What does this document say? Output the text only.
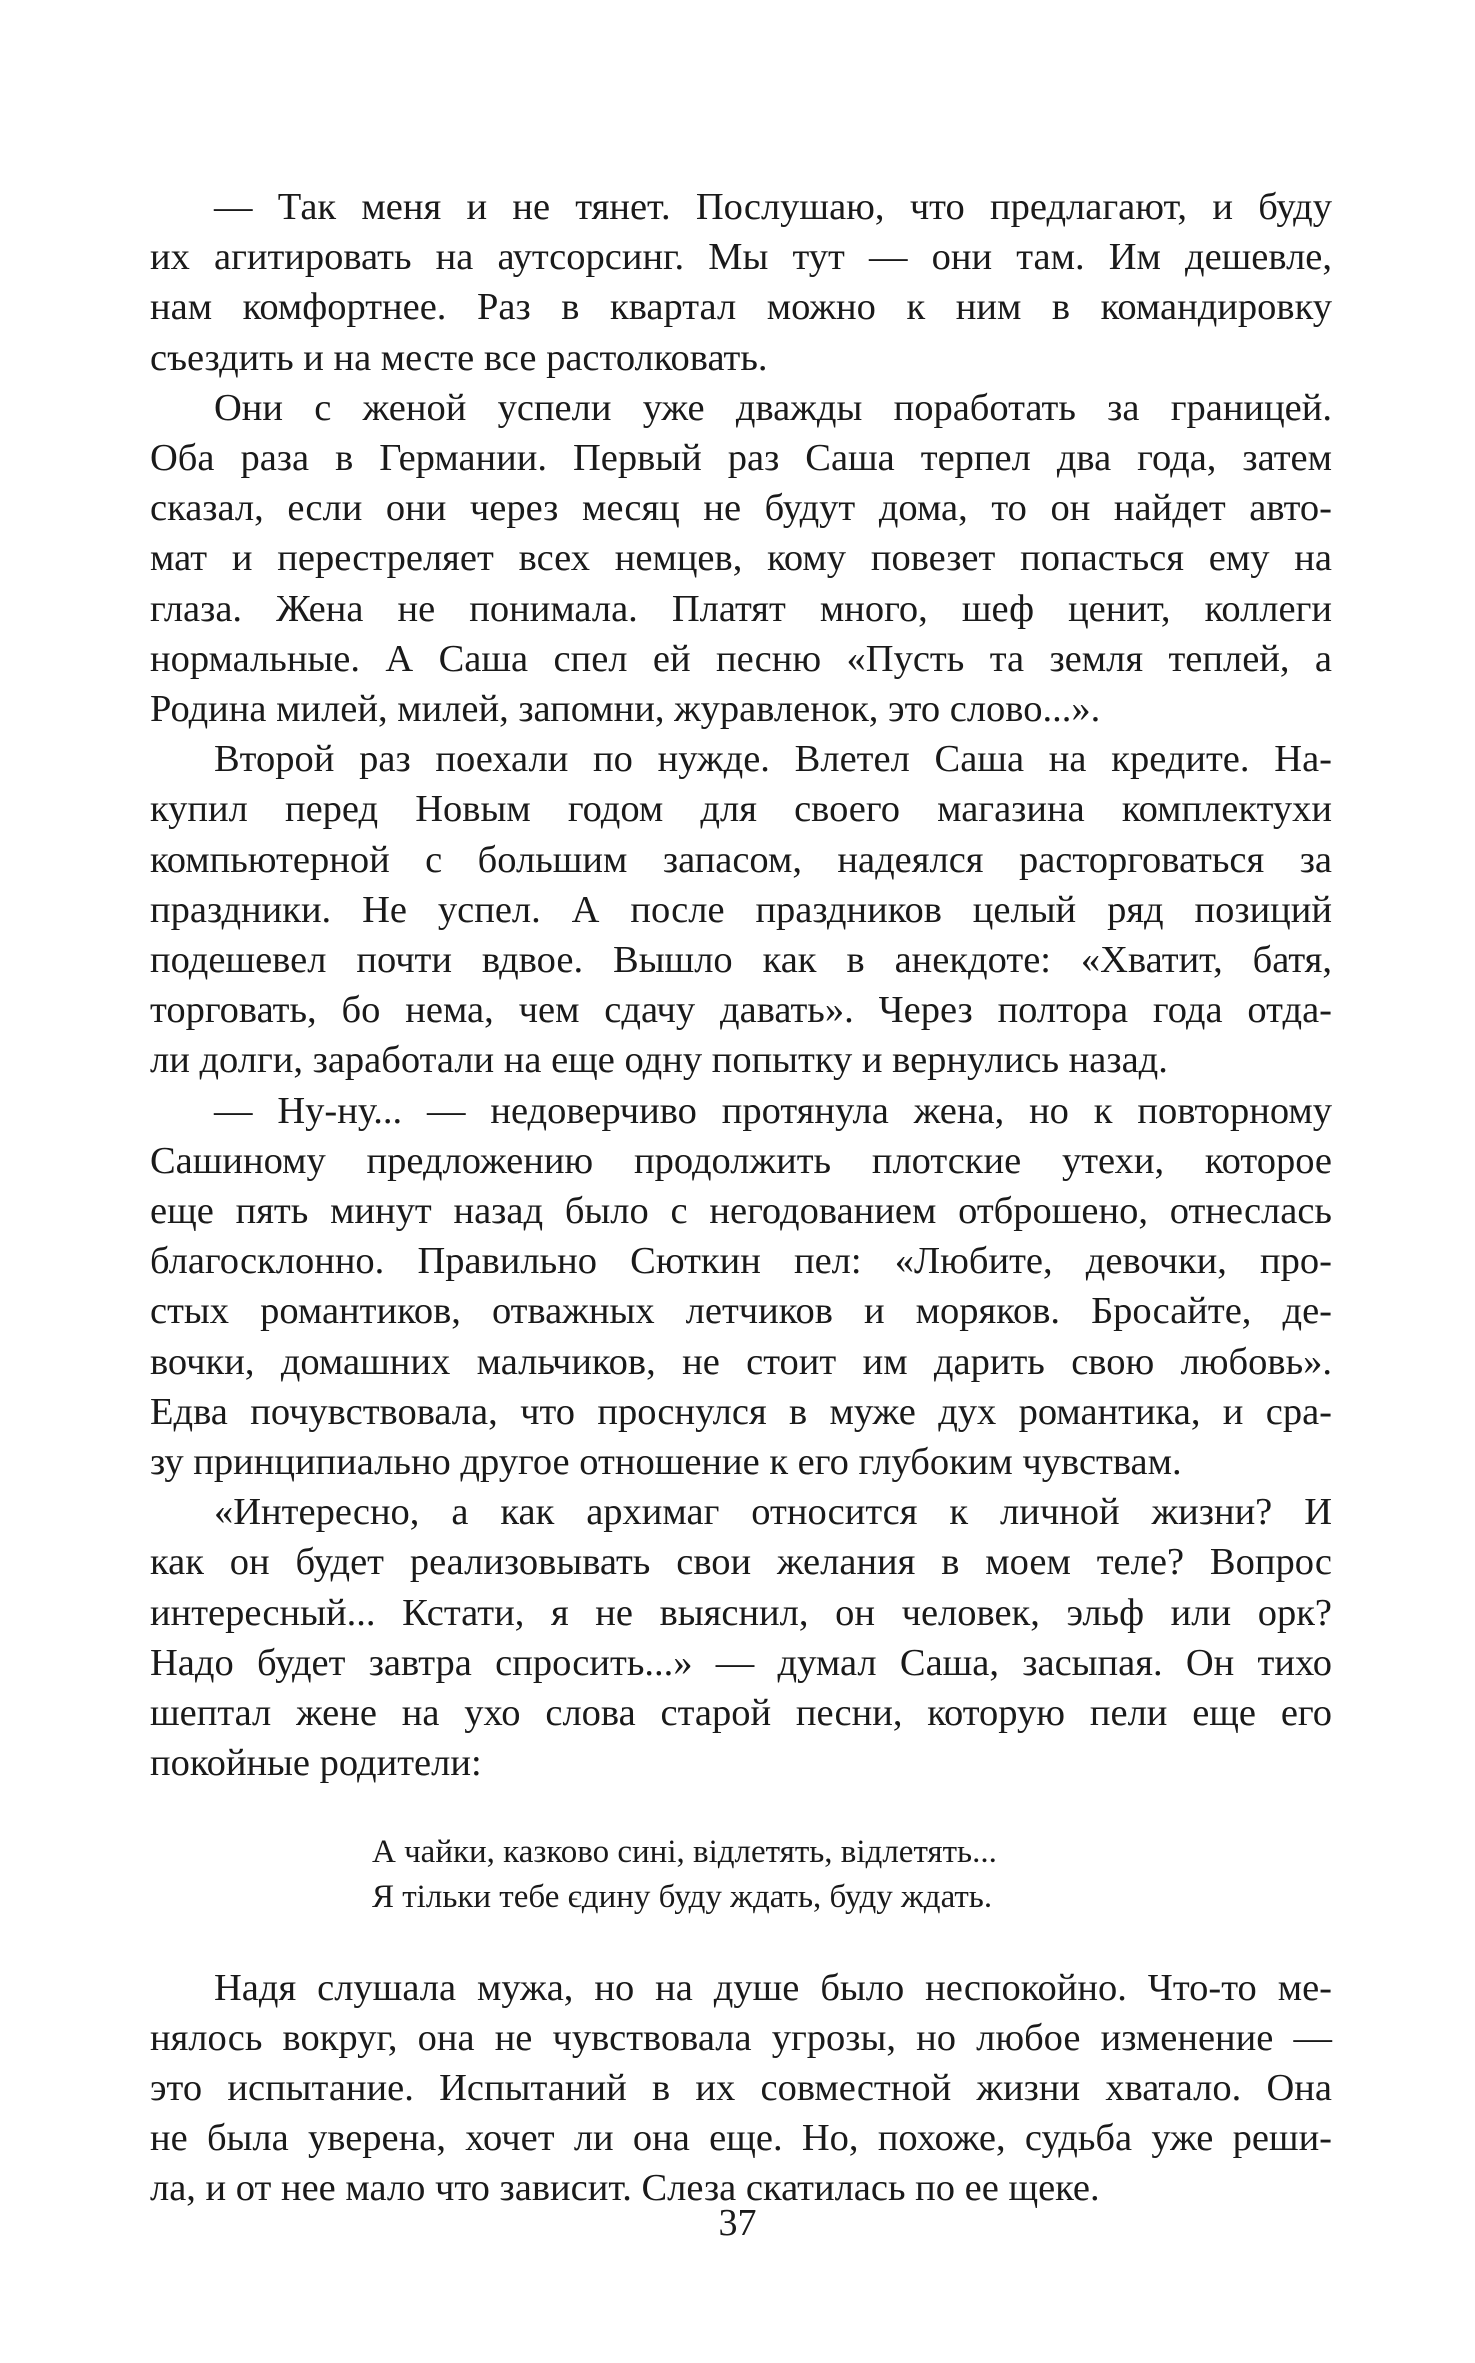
— Так меня и не тянет. Послушаю, что предлагают, и буду
их агитировать на аутсорсинг. Мы тут — они там. Им дешевле,
нам комфортнее. Раз в квартал можно к ним в командировку
съездить и на месте все растолковать.

Они с женой успели уже дважды поработать за границей.
Оба раза в Германии. Первый раз Саша терпел два года, затем
сказал, если они через месяц не будут дома, то он найдет авто-
мат и перестреляет всех немцев, кому повезет попасться ему на
глаза. Жена не понимала. Платят много, шеф ценит, коллеги
нормальные. А Саша спел ей песню «Пусть та земля теплей, а
Родина милей, милей, запомни, журавленок, это слово...».

Второй раз поехали по нужде. Влетел Саша на кредите. На-
купил перед Новым годом для своего магазина комплектухи
компьютерной с большим запасом, надеялся расторговаться за
праздники. Не успел. А после праздников целый ряд позиций
подешевел почти вдвое. Вышло как в анекдоте: «Хватит, батя,
торговать, бо нема, чем сдачу давать». Через полтора года отда-
ли долги, заработали на еще одну попытку и вернулись назад.

— Ну-ну... — недоверчиво протянула жена, но к повторному
Сашиному предложению продолжить плотские утехи, которое
еще пять минут назад было с негодованием отброшено, отнеслась
благосклонно. Правильно Сюткин пел: «Любите, девочки, про-
стых романтиков, отважных летчиков и моряков. Бросайте, де-
вочки, домашних мальчиков, не стоит им дарить свою любовь».
Едва почувствовала, что проснулся в муже дух романтика, и сра-
зу принципиально другое отношение к его глубоким чувствам.

«Интересно, а как архимаг относится к личной жизни? И
как он будет реализовывать свои желания в моем теле? Вопрос
интересный... Кстати, я не выяснил, он человек, эльф или орк?
Надо будет завтра спросить...» — думал Саша, засыпая. Он тихо
шептал жене на ухо слова старой песни, которую пели еще его
покойные родители:

А чайки, казково синi, вiдлетять, вiдлетять...
Я тiльки тебе єдину буду ждать, буду ждать.

Надя слушала мужа, но на душе было неспокойно. Что-то ме-
нялось вокруг, она не чувствовала угрозы, но любое изменение —
это испытание. Испытаний в их совместной жизни хватало. Она
не была уверена, хочет ли она еще. Но, похоже, судьба уже реши-
ла, и от нее мало что зависит. Слеза скатилась по ее щеке.

37
